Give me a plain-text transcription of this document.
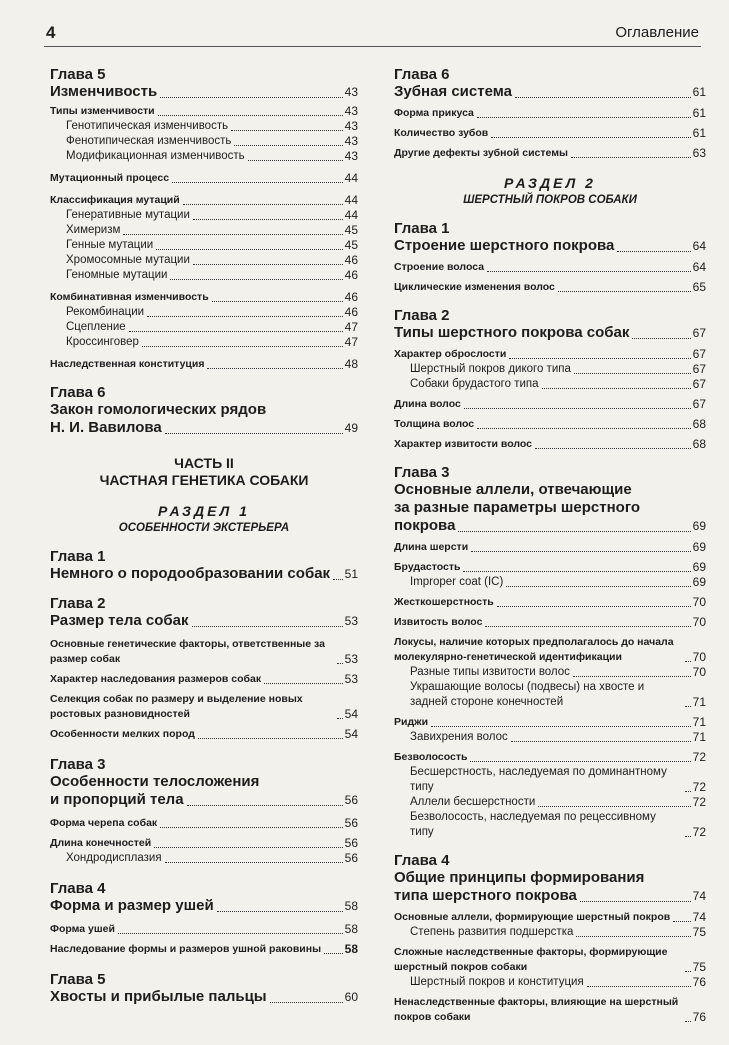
4	Оглавление
Глава 5
Изменчивость	43
Типы изменчивости	43
Генотипическая изменчивость	43
Фенотипическая изменчивость	43
Модификационная изменчивость	43
Мутационный процесс	44
Классификация мутаций	44
Генеративные мутации	44
Химеризм	45
Генные мутации	45
Хромосомные мутации	46
Геномные мутации	46
Комбинативная изменчивость	46
Рекомбинации	46
Сцепление	47
Кроссинговер	47
Наследственная конституция	48
Глава 6
Закон гомологических рядов
Н. И. Вавилова	49
ЧАСТЬ II
ЧАСТНАЯ ГЕНЕТИКА СОБАКИ
РАЗДЕЛ 1
ОСОБЕННОСТИ ЭКСТЕРЬЕРА
Глава 1
Немного о породообразовании собак 51
Глава 2
Размер тела собак	53
Основные генетические факторы, ответственные за размер собак	53
Характер наследования размеров собак	53
Селекция собак по размеру и выделение новых ростовых разновидностей	54
Особенности мелких пород	54
Глава 3
Особенности телосложения
и пропорций тела	56
Форма черепа собак	56
Длина конечностей	56
Хондродисплазия	56
Глава 4
Форма и размер ушей	58
Форма ушей	58
Наследование формы и размеров ушной раковины 58
Глава 5
Хвосты и прибылые пальцы	60
Глава 6
Зубная система	61
Форма прикуса	61
Количество зубов	61
Другие дефекты зубной системы	63
РАЗДЕЛ 2
ШЕРСТНЫЙ ПОКРОВ СОБАКИ
Глава 1
Строение шерстного покрова	64
Строение волоса	64
Циклические изменения волос	65
Глава 2
Типы шерстного покрова собак	67
Характер оброслости	67
Шерстный покров дикого типа	67
Собаки брудастого типа	67
Длина волос	67
Толщина волос	68
Характер извитости волос	68
Глава 3
Основные аллели, отвечающие
за разные параметры шерстного
покрова	69
Длина шерсти	69
Брудастость	69
Improper coat (IC)	69
Жесткошерстность	70
Извитость волос	70
Локусы, наличие которых предполагалось до начала молекулярно-генетической идентификации	70
Разные типы извитости волос	70
Украшающие волосы (подвесы) на хвосте и задней стороне конечностей	71
Риджи	71
Завихрения волос	71
Безволосость	72
Бесшерстность, наследуемая по доминантному типу	72
Аллели бесшерстности	72
Безволосость, наследуемая по рецессивному типу	72
Глава 4
Общие принципы формирования
типа шерстного покрова	74
Основные аллели, формирующие шерстный покров 74
Степень развития подшерстка	75
Сложные наследственные факторы, формирующие шерстный покров собаки	75
Шерстный покров и конституция	76
Ненаследственные факторы, влияющие на шерстный покров собаки	76
